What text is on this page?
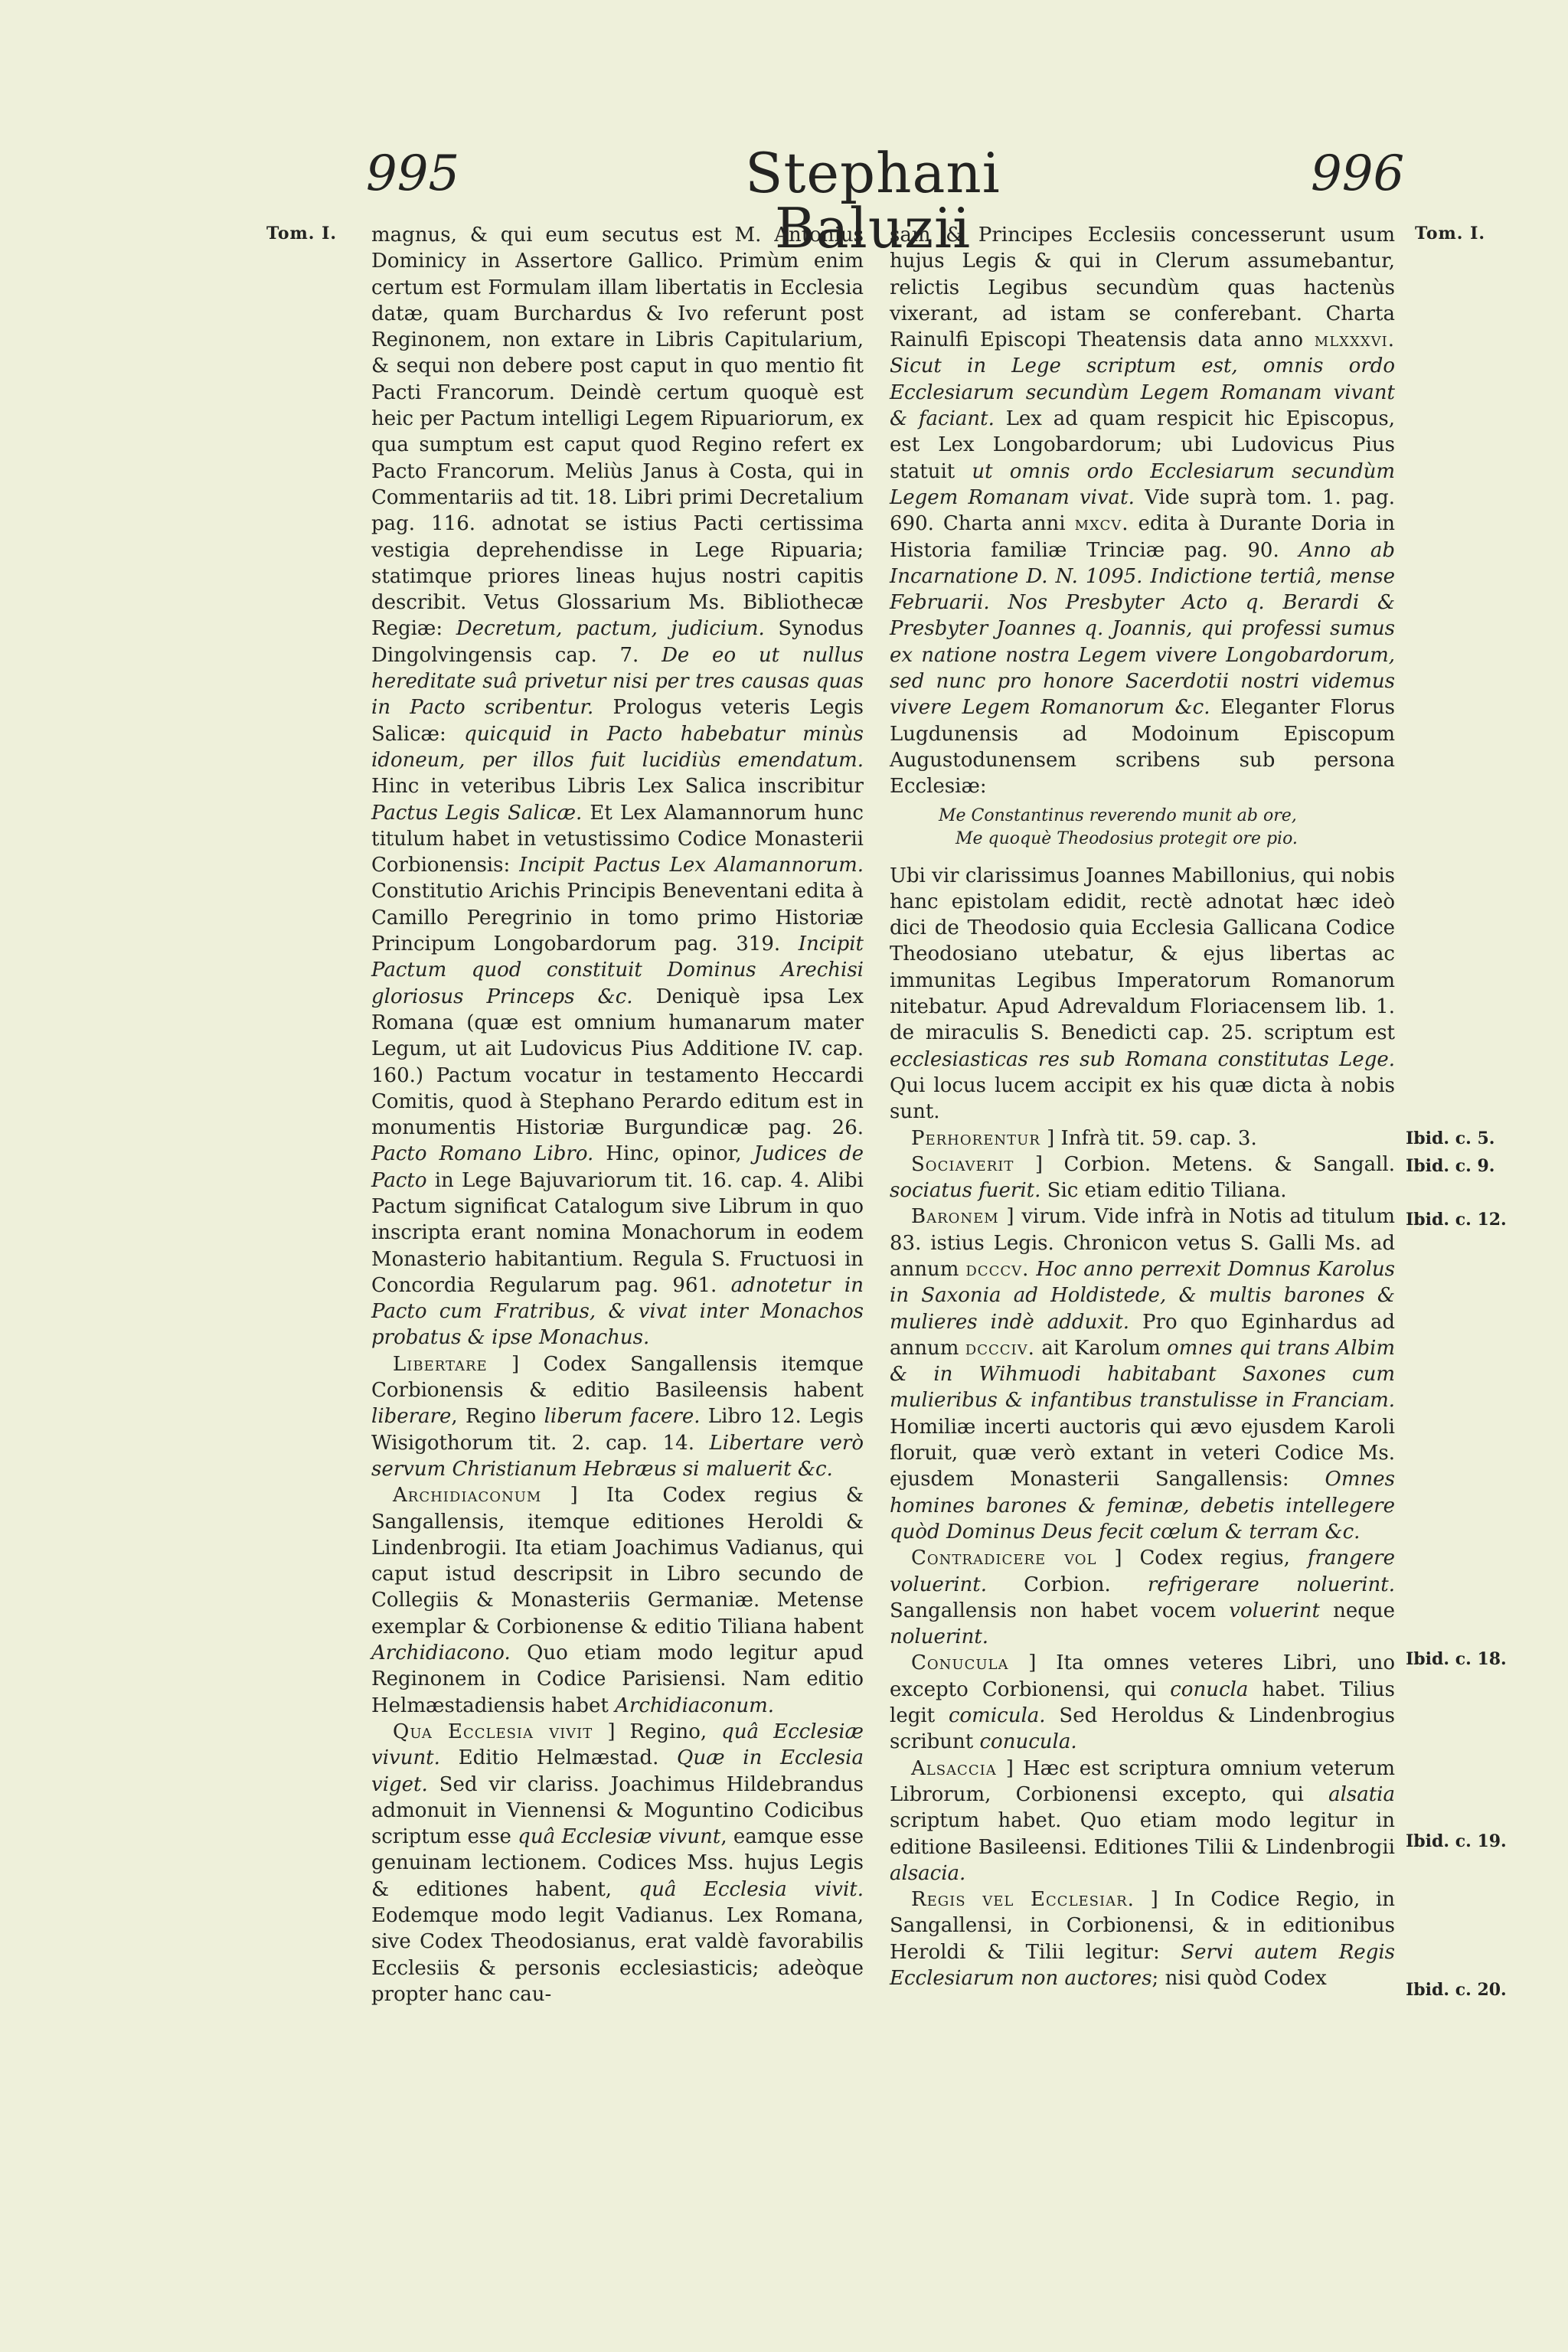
995	Stephani Baluzii
996
Tom. I.	Tom. I.

magnus, & qui eum secutus est M. Antonius Dominicy in Assertore Gallico. Primùm enim certum est Formulam illam libertatis in Ecclesia datæ, quam Burchardus & Ivo referunt post Reginonem, non extare in Libris Capitularium, & sequi non debere post caput in quo mentio fit Pacti Francorum. Deindè certum quoquè est heic per Pactum intelligi Legem Ripuariorum, ex qua sumptum est caput quod Regino refert ex Pacto Francorum. Meliùs Janus à Costa, qui in Commentariis ad tit. 18. Libri primi Decretalium pag. 116. adnotat se istius Pacti certissima vestigia deprehendisse in Lege Ripuaria; statimque priores lineas hujus nostri capitis describit. Vetus Glossarium Ms. Bibliothecæ Regiæ: Decretum, pactum, judicium. Synodus Dingolvingensis cap. 7. De eo ut nullus hereditate suâ privetur nisi per tres causas quas in Pacto scribentur. Prologus veteris Legis Salicæ: quicquid in Pacto habebatur minùs idoneum, per illos fuit lucidiùs emendatum. Hinc in veteribus Libris Lex Salica inscribitur Pactus Legis Salicæ. Et Lex Alamannorum hunc titulum habet in vetustissimo Codice Monasterii Corbionensis: Incipit Pactus Lex Alamannorum. Constitutio Arichis Principis Beneventani edita à Camillo Peregrinio in tomo primo Historiæ Principum Longobardorum pag. 319. Incipit Pactum quod constituit Dominus Arechisi gloriosus Princeps &c. Deniquè ipsa Lex Romana (quæ est omnium humanarum mater Legum, ut ait Ludovicus Pius Additione IV. cap. 160.) Pactum vocatur in testamento Heccardi Comitis, quod à Stephano Perardo editum est in monumentis Historiæ Burgundicæ pag. 26. Pacto Romano Libro. Hinc, opinor, Judices de Pacto in Lege Bajuvariorum tit. 16. cap. 4. Alibi Pactum significat Catalogum sive Librum in quo inscripta erant nomina Monachorum in eodem Monasterio habitantium. Regula S. Fructuosi in Concordia Regularum pag. 961. adnotetur in Pacto cum Fratribus, & vivat inter Monachos probatus & ipse Monachus.

Libertare ] Codex Sangallensis itemque Corbionensis & editio Basileensis habent liberare, Regino liberum facere. Libro 12. Legis Wisigothorum tit. 2. cap. 14. Libertare verò servum Christianum Hebræus si maluerit &c.

Archidiaconum ] Ita Codex regius & Sangallensis, itemque editiones Heroldi & Lindenbrogii. Ita etiam Joachimus Vadianus, qui caput istud descripsit in Libro secundo de Collegiis & Monasteriis Germaniæ. Metense exemplar & Corbionense & editio Tiliana habent Archidiacono. Quo etiam modo legitur apud Reginonem in Codice Parisiensi. Nam editio Helmæstadiensis habet Archidiaconum.

Qua Ecclesia vivit ] Regino, quâ Ecclesiæ vivunt. Editio Helmæstad. Quæ in Ecclesia viget. Sed vir clariss. Joachimus Hildebrandus admonuit in Viennensi & Moguntino Codicibus scriptum esse quâ Ecclesiæ vivunt, eamque esse genuinam lectionem. Codices Mss. hujus Legis & editiones habent, quâ Ecclesia vivit. Eodemque modo legit Vadianus. Lex Romana, sive Codex Theodosianus, erat valdè favorabilis Ecclesiis & personis ecclesiasticis; adeòque propter hanc cau-

sam & Principes Ecclesiis concesserunt usum hujus Legis & qui in Clerum assumebantur, relictis Legibus secundùm quas hactenùs vixerant, ad istam se conferebant. Charta Rainulfi Episcopi Theatensis data anno mlxxxvi. Sicut in Lege scriptum est, omnis ordo Ecclesiarum secundùm Legem Romanam vivant & faciant. Lex ad quam respicit hic Episcopus, est Lex Longobardorum; ubi Ludovicus Pius statuit ut omnis ordo Ecclesiarum secundùm Legem Romanam vivat. Vide suprà tom. 1. pag. 690. Charta anni mxcv. edita à Durante Doria in Historia familiæ Trinciæ pag. 90. Anno ab Incarnatione D. N. 1095. Indictione tertiâ, mense Februarii. Nos Presbyter Acto q. Berardi & Presbyter Joannes q. Joannis, qui professi sumus ex natione nostra Legem vivere Longobardorum, sed nunc pro honore Sacerdotii nostri videmus vivere Legem Romanorum &c. Eleganter Florus Lugdunensis ad Modoinum Episcopum Augustodunensem scribens sub persona Ecclesiæ:

Me Constantinus reverendo munit ab ore,
Me quoquè Theodosius protegit ore pio.

Ubi vir clarissimus Joannes Mabillonius, qui nobis hanc epistolam edidit, rectè adnotat hæc ideò dici de Theodosio quia Ecclesia Gallicana Codice Theodosiano utebatur, & ejus libertas ac immunitas Legibus Imperatorum Romanorum nitebatur. Apud Adrevaldum Floriacensem lib. 1. de miraculis S. Benedicti cap. 25. scriptum est ecclesiasticas res sub Romana constitutas Lege. Qui locus lucem accipit ex his quæ dicta à nobis sunt.

Perhorentur ] Infrà tit. 59. cap. 3.

Sociaverit ] Corbion. Metens. & Sangall. sociatus fuerit. Sic etiam editio Tiliana.

Baronem ] virum. Vide infrà in Notis ad titulum 83. istius Legis. Chronicon vetus S. Galli Ms. ad annum dcccv. Hoc anno perrexit Domnus Karolus in Saxonia ad Holdistede, & multis barones & mulieres indè adduxit. Pro quo Eginhardus ad annum dccciv. ait Karolum omnes qui trans Albim & in Wihmuodi habitabant Saxones cum mulieribus & infantibus transtulisse in Franciam. Homiliæ incerti auctoris qui ævo ejusdem Karoli floruit, quæ verò extant in veteri Codice Ms. ejusdem Monasterii Sangallensis: Omnes homines barones & feminæ, debetis intellegere quòd Dominus Deus fecit cœlum & terram &c.

Contradicere vol ] Codex regius, frangere voluerint. Corbion. refrigerare noluerint. Sangallensis non habet vocem voluerint neque noluerint.

Conucula ] Ita omnes veteres Libri, uno excepto Corbionensi, qui conucla habet. Tilius legit comicula. Sed Heroldus & Lindenbrogius scribunt conucula.

Alsaccia ] Hæc est scriptura omnium veterum Librorum, Corbionensi excepto, qui alsatia scriptum habet. Quo etiam modo legitur in editione Basileensi. Editiones Tilii & Lindenbrogii alsacia.

Regis vel Ecclesiar. ] In Codice Regio, in Sangallensi, in Corbionensi, & in editionibus Heroldi & Tilii legitur: Servi autem Regis Ecclesiarum non auctores; nisi quòd Codex

Ibid. c. 5.
Ibid. c. 9.
Ibid. c. 12.
Ibid. c. 18.
Ibid. c. 19.
Ibid. c. 20.
